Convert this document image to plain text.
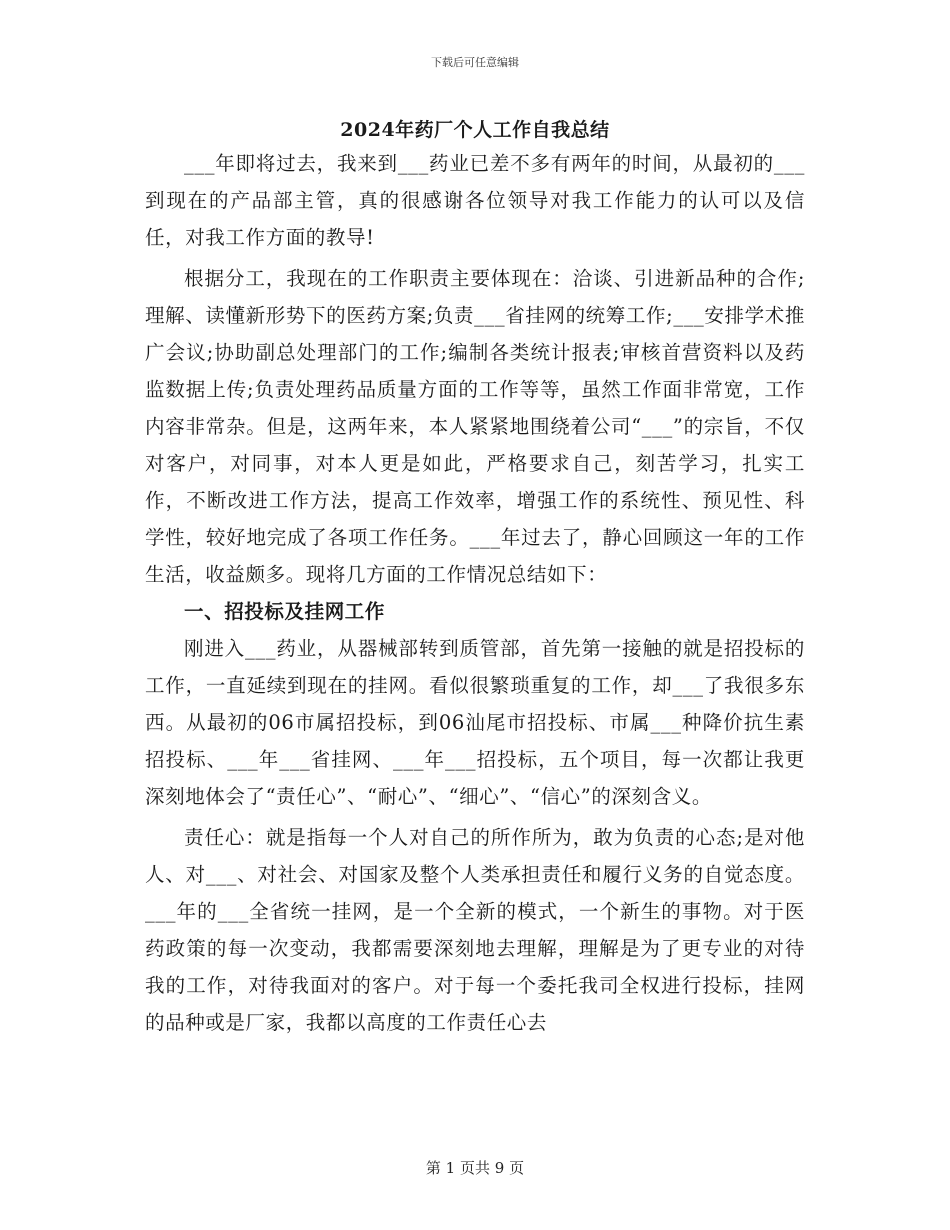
下载后可任意编辑
2024年药厂个人工作自我总结

___年即将过去，我来到___药业已差不多有两年的时间，从最初的___到现在的产品部主管，真的很感谢各位领导对我工作能力的认可以及信任，对我工作方面的教导!

根据分工，我现在的工作职责主要体现在：洽谈、引进新品种的合作;理解、读懂新形势下的医药方案;负责___省挂网的统筹工作;___安排学术推广会议;协助副总处理部门的工作;编制各类统计报表;审核首营资料以及药监数据上传;负责处理药品质量方面的工作等等，虽然工作面非常宽，工作内容非常杂。但是，这两年来，本人紧紧地围绕着公司“___”的宗旨，不仅对客户，对同事，对本人更是如此，严格要求自己，刻苦学习，扎实工作，不断改进工作方法，提高工作效率，增强工作的系统性、预见性、科学性，较好地完成了各项工作任务。___年过去了，静心回顾这一年的工作生活，收益颇多。现将几方面的工作情况总结如下：

一、招投标及挂网工作

刚进入___药业，从器械部转到质管部，首先第一接触的就是招投标的工作，一直延续到现在的挂网。看似很繁琐重复的工作，却___了我很多东西。从最初的06市属招投标，到06汕尾市招投标、市属___种降价抗生素招投标、___年___省挂网、___年___招投标，五个项目，每一次都让我更深刻地体会了“责任心”、“耐心”、“细心”、“信心”的深刻含义。

责任心：就是指每一个人对自己的所作所为，敢为负责的心态;是对他人、对___、对社会、对国家及整个人类承担责任和履行义务的自觉态度。___年的___全省统一挂网，是一个全新的模式，一个新生的事物。对于医药政策的每一次变动，我都需要深刻地去理解，理解是为了更专业的对待我的工作，对待我面对的客户。对于每一个委托我司全权进行投标，挂网的品种或是厂家，我都以高度的工作责任心去

第 1 页共 9 页
